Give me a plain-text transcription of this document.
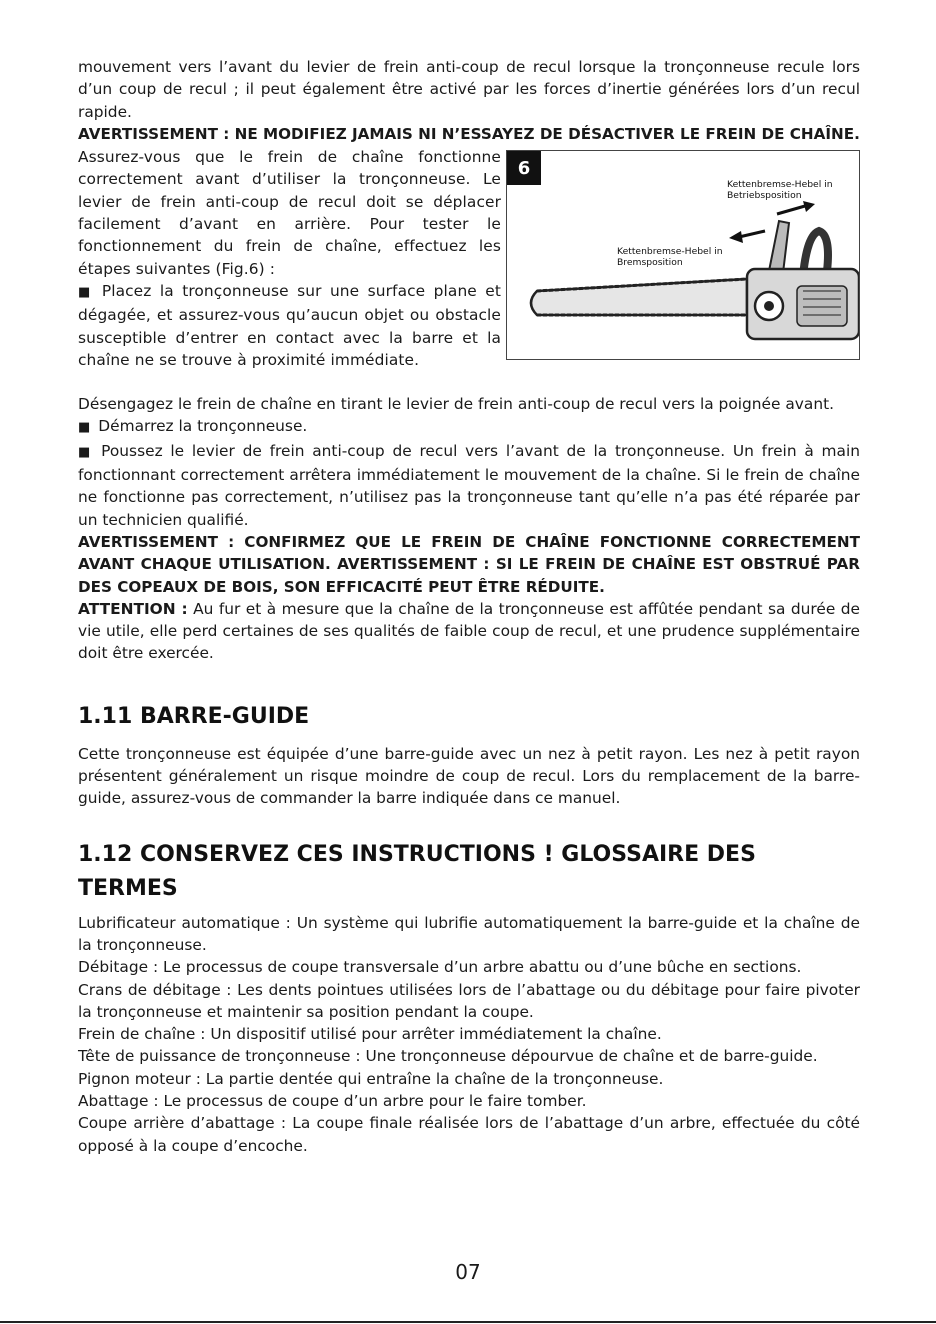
mouvement vers l’avant du levier de frein anti-coup de recul lorsque la tronçonneuse recule lors d’un coup de recul ; il peut également être activé par les forces d’inertie générées lors d’un recul rapide.

AVERTISSEMENT : NE MODIFIEZ JAMAIS NI N’ESSAYEZ DE DÉSACTIVER LE FREIN DE CHAÎNE.

Assurez-vous que le frein de chaîne fonctionne correctement avant d’utiliser la tronçonneuse. Le levier de frein anti-coup de recul doit se déplacer facilement d’avant en arrière. Pour tester le fonctionnement du frein de chaîne, effectuez les étapes suivantes (Fig.6) :

■ Placez la tronçonneuse sur une surface plane et dégagée, et assurez-vous qu’aucun objet ou obstacle susceptible d’entrer en contact avec la barre et la chaîne ne se trouve à proximité immédiate.

6
Kettenbremse-Hebel in Betriebsposition
Kettenbremse-Hebel in Bremsposition

Désengagez le frein de chaîne en tirant le levier de frein anti-coup de recul vers la poignée avant.

■ Démarrez la tronçonneuse.

■ Poussez le levier de frein anti-coup de recul vers l’avant de la tronçonneuse. Un frein à main fonctionnant correctement arrêtera immédiatement le mouvement de la chaîne. Si le frein de chaîne ne fonctionne pas correctement, n’utilisez pas la tronçonneuse tant qu’elle n’a pas été réparée par un technicien qualifié.

AVERTISSEMENT : CONFIRMEZ QUE LE FREIN DE CHAÎNE FONCTIONNE CORRECTEMENT AVANT CHAQUE UTILISATION. AVERTISSEMENT : SI LE FREIN DE CHAÎNE EST OBSTRUÉ PAR DES COPEAUX DE BOIS, SON EFFICACITÉ PEUT ÊTRE RÉDUITE.

ATTENTION : Au fur et à mesure que la chaîne de la tronçonneuse est affûtée pendant sa durée de vie utile, elle perd certaines de ses qualités de faible coup de recul, et une prudence supplémentaire doit être exercée.

1.11 BARRE-GUIDE

Cette tronçonneuse est équipée d’une barre-guide avec un nez à petit rayon. Les nez à petit rayon présentent généralement un risque moindre de coup de recul. Lors du remplacement de la barre-guide, assurez-vous de commander la barre indiquée dans ce manuel.

1.12 CONSERVEZ CES INSTRUCTIONS ! GLOSSAIRE DES TERMES

Lubrificateur automatique : Un système qui lubrifie automatiquement la barre-guide et la chaîne de la tronçonneuse.

Débitage : Le processus de coupe transversale d’un arbre abattu ou d’une bûche en sections.

Crans de débitage : Les dents pointues utilisées lors de l’abattage ou du débitage pour faire pivoter la tronçonneuse et maintenir sa position pendant la coupe.

Frein de chaîne : Un dispositif utilisé pour arrêter immédiatement la chaîne.

Tête de puissance de tronçonneuse : Une tronçonneuse dépourvue de chaîne et de barre-guide.

Pignon moteur : La partie dentée qui entraîne la chaîne de la tronçonneuse.

Abattage : Le processus de coupe d’un arbre pour le faire tomber.

Coupe arrière d’abattage : La coupe finale réalisée lors de l’abattage d’un arbre, effectuée du côté opposé à la coupe d’encoche.

07
